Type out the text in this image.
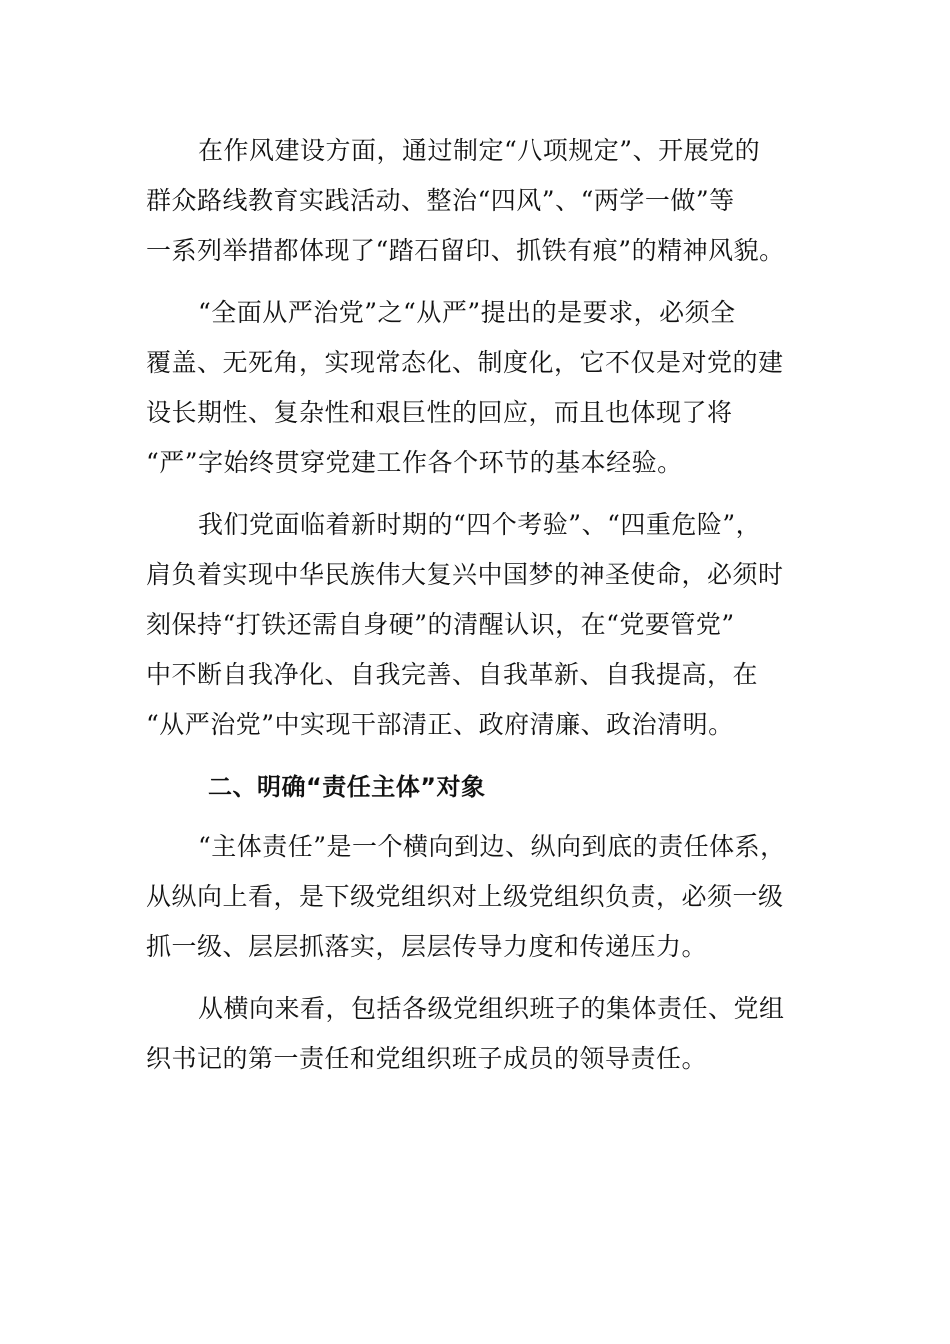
在作风建设方面，通过制定“八项规定”、开展党的
群众路线教育实践活动、整治“四风”、“两学一做”等
一系列举措都体现了“踏石留印、抓铁有痕”的精神风貌。
“全面从严治党”之“从严”提出的是要求，必须全
覆盖、无死角，实现常态化、制度化，它不仅是对党的建
设长期性、复杂性和艰巨性的回应，而且也体现了将
“严”字始终贯穿党建工作各个环节的基本经验。
我们党面临着新时期的“四个考验”、“四重危险”，
肩负着实现中华民族伟大复兴中国梦的神圣使命，必须时
刻保持“打铁还需自身硬”的清醒认识，在“党要管党”
中不断自我净化、自我完善、自我革新、自我提高，在
“从严治党”中实现干部清正、政府清廉、政治清明。
二、明确“责任主体”对象
“主体责任”是一个横向到边、纵向到底的责任体系，
从纵向上看，是下级党组织对上级党组织负责，必须一级
抓一级、层层抓落实，层层传导力度和传递压力。
从横向来看，包括各级党组织班子的集体责任、党组
织书记的第一责任和党组织班子成员的领导责任。
